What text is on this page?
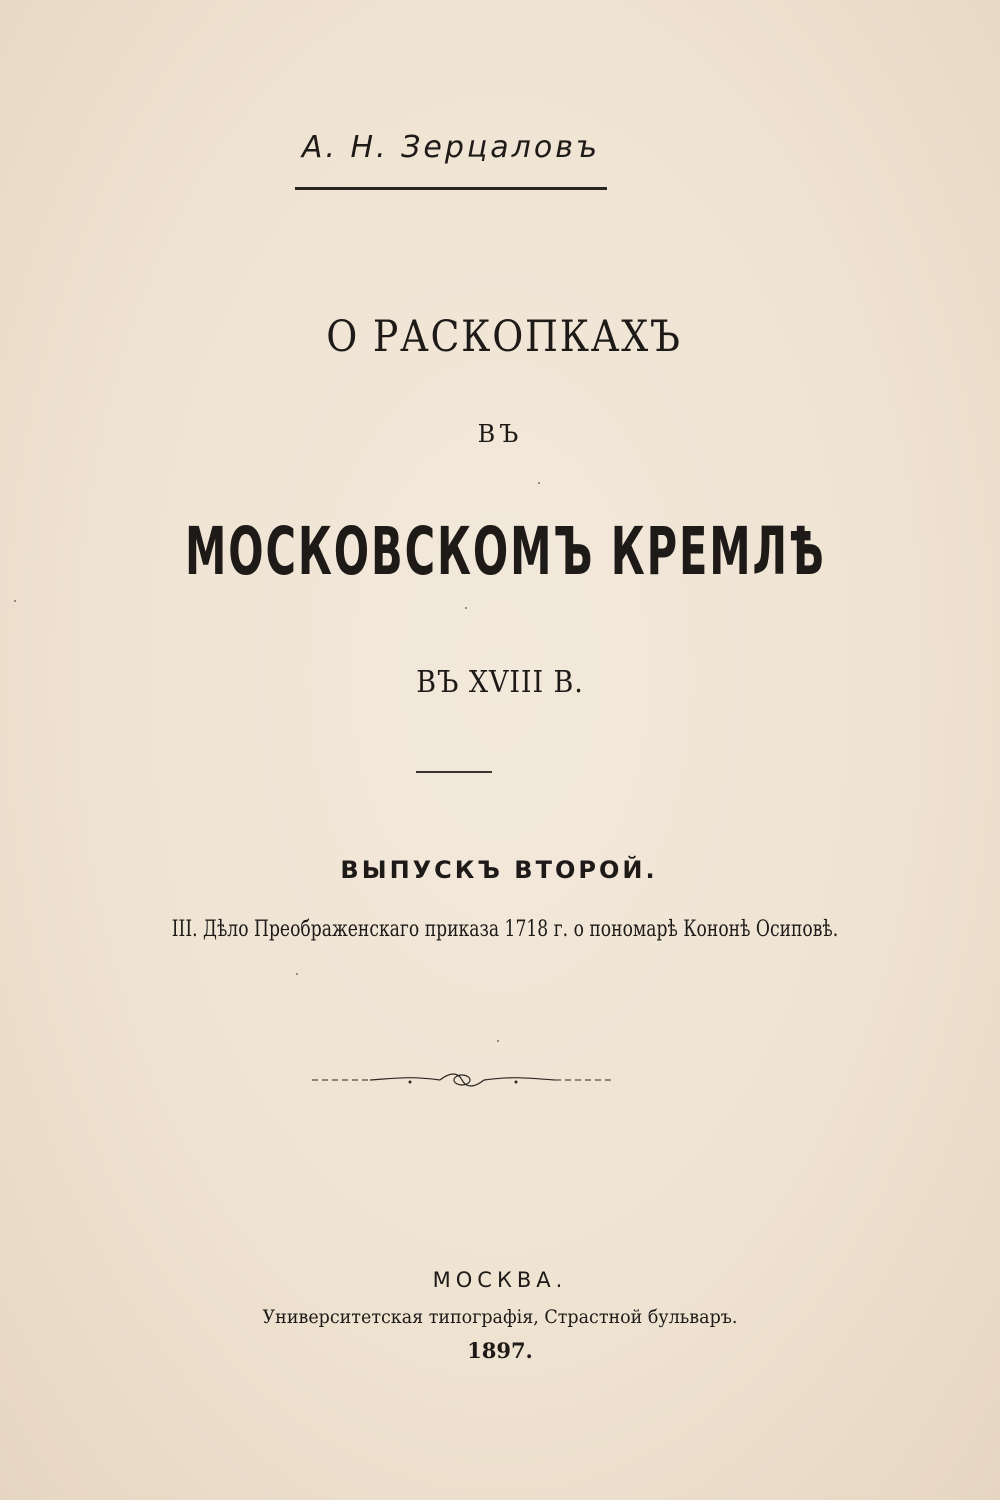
А. Н. Зерцаловъ
О РАСКОПКАХЪ
ВЪ
МОСКОВСКОМЪ КРЕМЛѢ
ВЪ XVIII В.
ВЫПУСКЪ ВТОРОЙ.
III. Дѣло Преображенскаго приказа 1718 г. о пономарѣ Кононѣ Осиповѣ.
МОСКВА.
Университетская типографія, Страстной бульваръ.
1897.
